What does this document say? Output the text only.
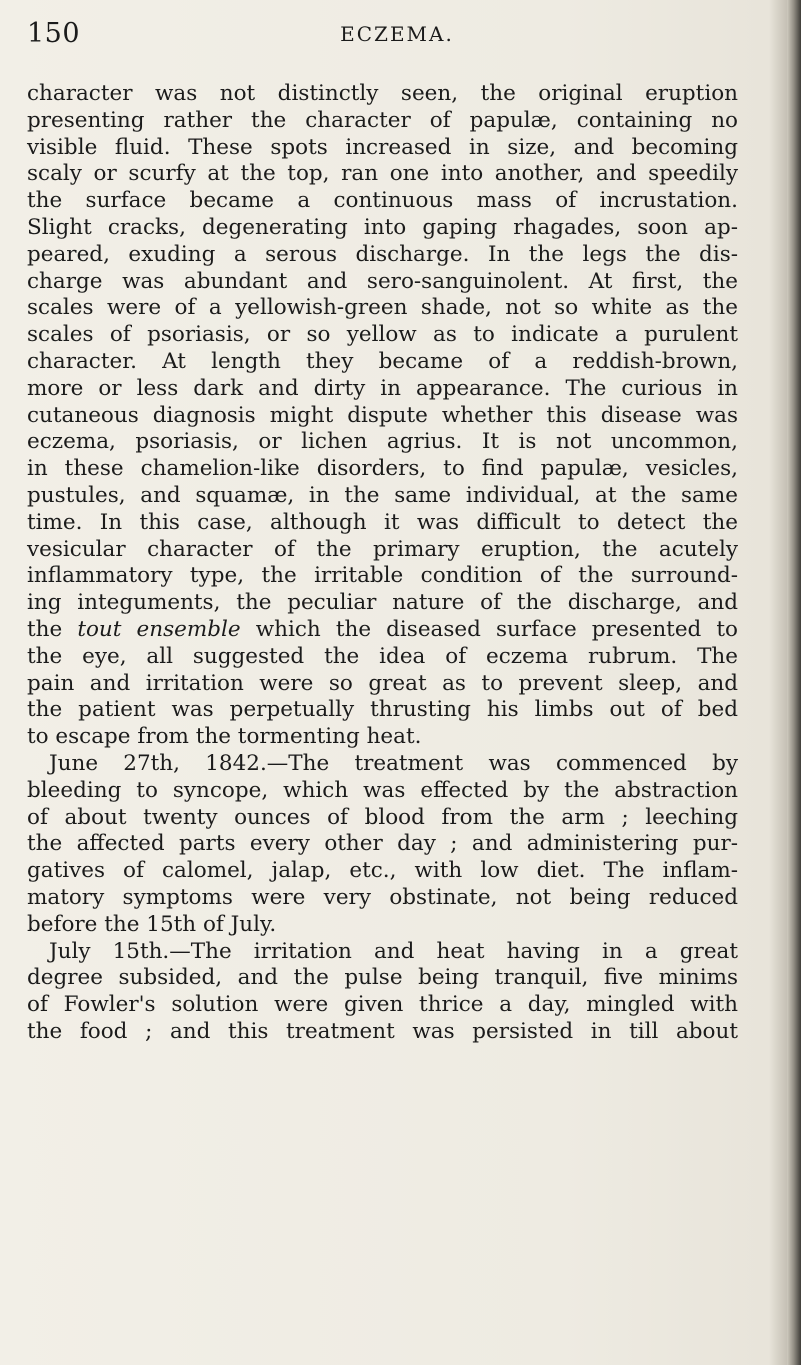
150	ECZEMA.
character was not distinctly seen, the original eruption
presenting rather the character of papulæ, containing no
visible fluid. These spots increased in size, and becoming
scaly or scurfy at the top, ran one into another, and speedily
the surface became a continuous mass of incrustation.
Slight cracks, degenerating into gaping rhagades, soon ap-
peared, exuding a serous discharge. In the legs the dis-
charge was abundant and sero-sanguinolent. At first, the
scales were of a yellowish-green shade, not so white as the
scales of psoriasis, or so yellow as to indicate a purulent
character. At length they became of a reddish-brown,
more or less dark and dirty in appearance. The curious in
cutaneous diagnosis might dispute whether this disease was
eczema, psoriasis, or lichen agrius. It is not uncommon,
in these chamelion-like disorders, to find papulæ, vesicles,
pustules, and squamæ, in the same individual, at the same
time. In this case, although it was difficult to detect the
vesicular character of the primary eruption, the acutely
inflammatory type, the irritable condition of the surround-
ing integuments, the peculiar nature of the discharge, and
the tout ensemble which the diseased surface presented to
the eye, all suggested the idea of eczema rubrum. The
pain and irritation were so great as to prevent sleep, and
the patient was perpetually thrusting his limbs out of bed
to escape from the tormenting heat.
June 27th, 1842.—The treatment was commenced by
bleeding to syncope, which was effected by the abstraction
of about twenty ounces of blood from the arm ; leeching
the affected parts every other day ; and administering pur-
gatives of calomel, jalap, etc., with low diet. The inflam-
matory symptoms were very obstinate, not being reduced
before the 15th of July.
July 15th.—The irritation and heat having in a great
degree subsided, and the pulse being tranquil, five minims
of Fowler's solution were given thrice a day, mingled with
the food ; and this treatment was persisted in till about
